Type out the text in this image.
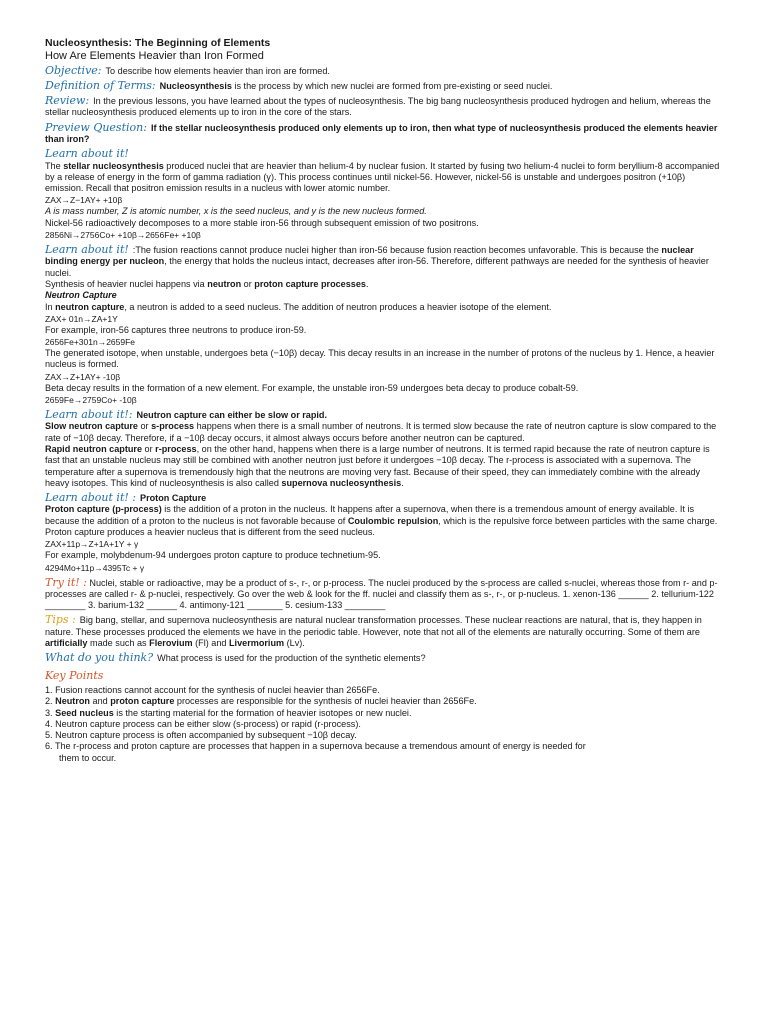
Nucleosynthesis: The Beginning of Elements

How Are Elements Heavier than Iron Formed

Objective: To describe how elements heavier than iron are formed.

Definition of Terms: Nucleosynthesis is the process by which new nuclei are formed from pre-existing or seed nuclei.

Review: In the previous lessons, you have learned about the types of nucleosynthesis. The big bang nucleosynthesis produced hydrogen and helium, whereas the stellar nucleosynthesis produced elements up to iron in the core of the stars.

Preview Question: If the stellar nucleosynthesis produced only elements up to iron, then what type of nucleosynthesis produced the elements heavier than iron?

Learn about it!

The stellar nucleosynthesis produced nuclei that are heavier than helium-4 by nuclear fusion. It started by fusing two helium-4 nuclei to form beryllium-8 accompanied by a release of energy in the form of gamma radiation (γ). This process continues until nickel-56. However, nickel-56 is unstable and undergoes positron (+10β) emission. Recall that positron emission results in a nucleus with lower atomic number.

ZAX→Z−1AY+ +10β

A is mass number, Z is atomic number, x is the seed nucleus, and y is the new nucleus formed.

Nickel-56 radioactively decomposes to a more stable iron-56 through subsequent emission of two positrons.

2856Ni→2756Co+ +10β→2656Fe+ +10β

Learn about it! :The fusion reactions cannot produce nuclei higher than iron-56 because fusion reaction becomes unfavorable. This is because the nuclear binding energy per nucleon, the energy that holds the nucleus intact, decreases after iron-56. Therefore, different pathways are needed for the synthesis of heavier nuclei.

Synthesis of heavier nuclei happens via neutron or proton capture processes.

Neutron Capture

In neutron capture, a neutron is added to a seed nucleus. The addition of neutron produces a heavier isotope of the element.

ZAX+ 01n→ZA+1Y

For example, iron-56 captures three neutrons to produce iron-59.

2656Fe+301n→2659Fe

The generated isotope, when unstable, undergoes beta (−10β) decay. This decay results in an increase in the number of protons of the nucleus by 1. Hence, a heavier nucleus is formed.

ZAX→Z+1AY+ -10β

Beta decay results in the formation of a new element. For example, the unstable iron-59 undergoes beta decay to produce cobalt-59.

2659Fe→2759Co+ -10β

Learn about it!: Neutron capture can either be slow or rapid.

Slow neutron capture or s-process happens when there is a small number of neutrons. It is termed slow because the rate of neutron capture is slow compared to the rate of −10β decay. Therefore, if a −10β decay occurs, it almost always occurs before another neutron can be captured.

Rapid neutron capture or r-process, on the other hand, happens when there is a large number of neutrons. It is termed rapid because the rate of neutron capture is fast that an unstable nucleus may still be combined with another neutron just before it undergoes −10β decay. The r-process is associated with a supernova. The temperature after a supernova is tremendously high that the neutrons are moving very fast. Because of their speed, they can immediately combine with the already heavy isotopes. This kind of nucleosynthesis is also called supernova nucleosynthesis.

Learn about it! : Proton Capture

Proton capture (p-process) is the addition of a proton in the nucleus. It happens after a supernova, when there is a tremendous amount of energy available. It is because the addition of a proton to the nucleus is not favorable because of Coulombic repulsion, which is the repulsive force between particles with the same charge.

Proton capture produces a heavier nucleus that is different from the seed nucleus.

ZAX+11p→Z+1A+1Y + γ

For example, molybdenum-94 undergoes proton capture to produce technetium-95.

4294Mo+11p→4395Tc + γ

Try it! : Nuclei, stable or radioactive, may be a product of s-, r-, or p-process. The nuclei produced by the s-process are called s-nuclei, whereas those from r- and p-processes are called r- & p-nuclei, respectively. Go over the web & look for the ff. nuclei and classify them as s-, r-, or p-nucleus. 1. xenon-136 ______ 2. tellurium-122 ________ 3. barium-132 ______ 4. antimony-121 _______ 5. cesium-133 ________

Tips : Big bang, stellar, and supernova nucleosynthesis are natural nuclear transformation processes. These nuclear reactions are natural, that is, they happen in nature. These processes produced the elements we have in the periodic table. However, note that not all of the elements are naturally occurring. Some of them are artificially made such as Flerovium (Fl) and Livermorium (Lv).

What do you think? What process is used for the production of the synthetic elements?

Key Points

1. Fusion reactions cannot account for the synthesis of nuclei heavier than 2656Fe.
2. Neutron and proton capture processes are responsible for the synthesis of nuclei heavier than 2656Fe.
3. Seed nucleus is the starting material for the formation of heavier isotopes or new nuclei.
4. Neutron capture process can be either slow (s-process) or rapid (r-process).
5. Neutron capture process is often accompanied by subsequent −10β decay.
6. The r-process and proton capture are processes that happen in a supernova because a tremendous amount of energy is needed for
them to occur.
